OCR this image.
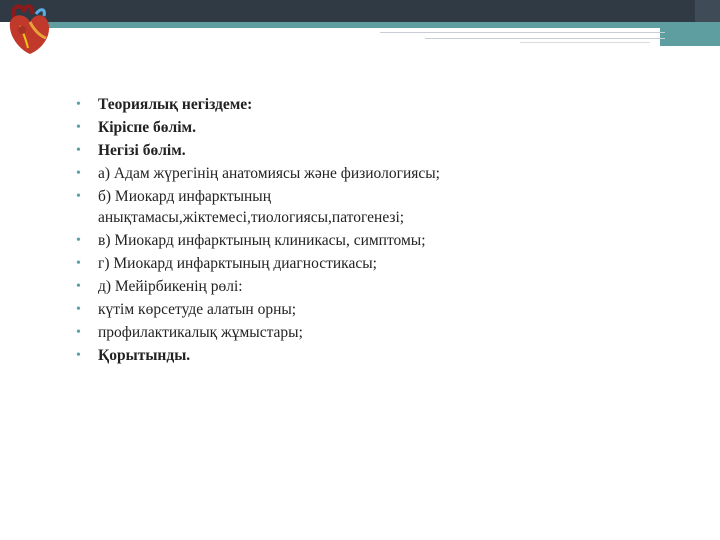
• Теориялық негіздеме:
• Кіріспе бөлім.
• Негізі бөлім.
• а) Адам жүрегінің анатомиясы және физиологиясы;
• б) Миокард инфарктының анықтамасы,жіктемесі,тиологиясы,патогенезі;
• в) Миокард инфарктының клиникасы, симптомы;
• г) Миокард инфарктының диагностикасы;
• д) Мейірбикенің рөлі:
• күтім көрсетуде алатын орны;
• профилактикалық жұмыстары;
• Қорытынды.
